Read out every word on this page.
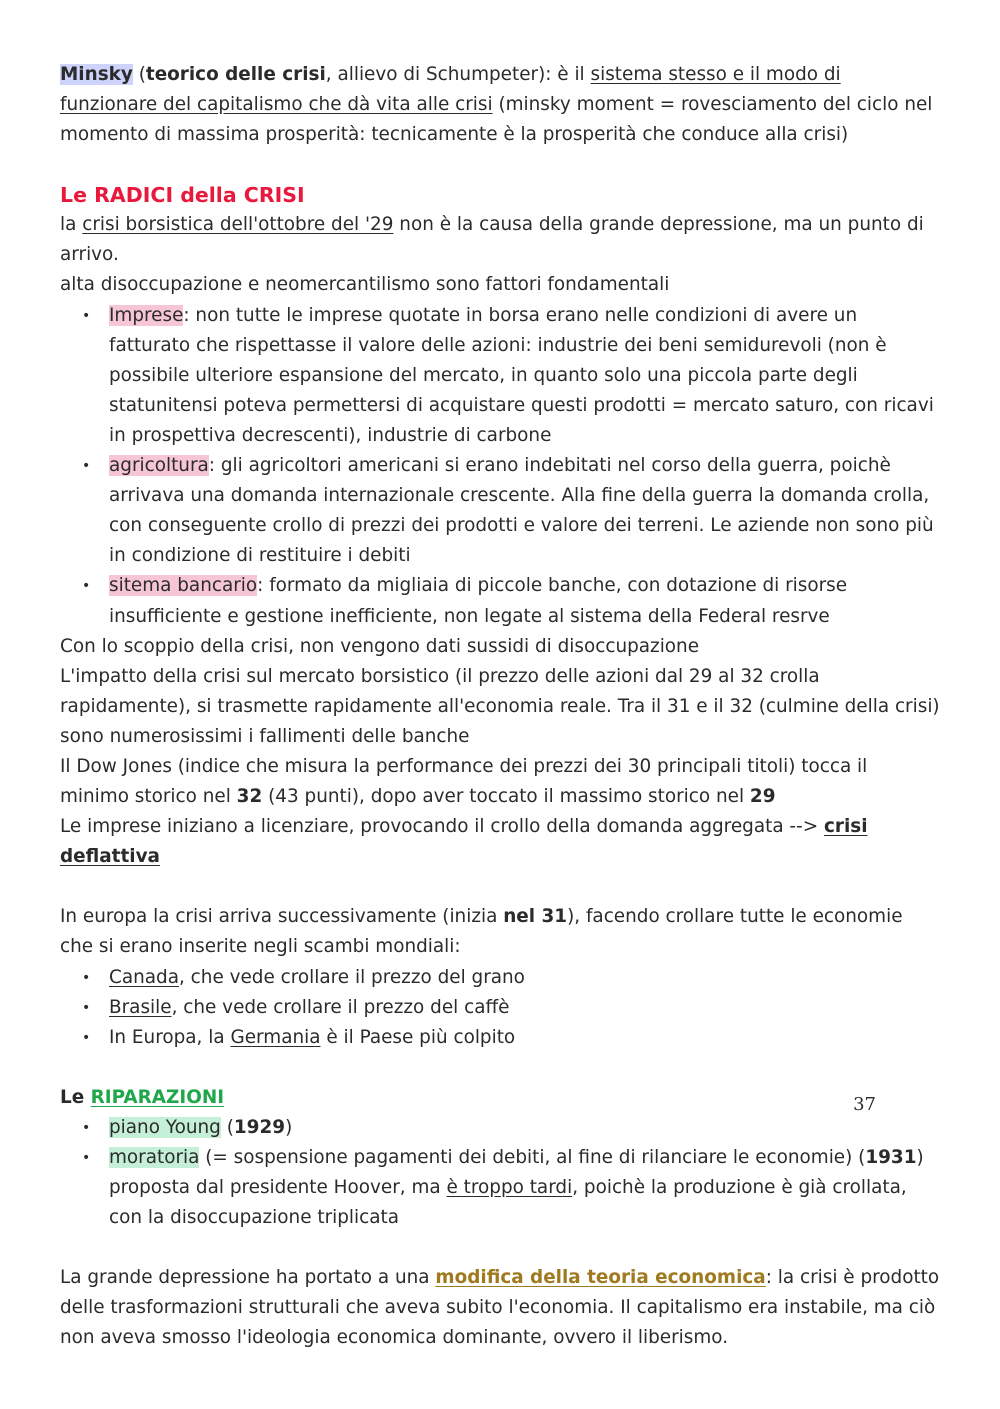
Minsky (teorico delle crisi, allievo di Schumpeter): è il sistema stesso e il modo di funzionare del capitalismo che dà vita alle crisi (minsky moment = rovesciamento del ciclo nel momento di massima prosperità: tecnicamente è la prosperità che conduce alla crisi)

Le RADICI della CRISI

la crisi borsistica dell'ottobre del '29 non è la causa della grande depressione, ma un punto di arrivo.

alta disoccupazione e neomercantilismo sono fattori fondamentali

• Imprese: non tutte le imprese quotate in borsa erano nelle condizioni di avere un fatturato che rispettasse il valore delle azioni: industrie dei beni semidurevoli (non è possibile ulteriore espansione del mercato, in quanto solo una piccola parte degli statunitensi poteva permettersi di acquistare questi prodotti = mercato saturo, con ricavi in prospettiva decrescenti), industrie di carbone
• agricoltura: gli agricoltori americani si erano indebitati nel corso della guerra, poichè arrivava una domanda internazionale crescente. Alla fine della guerra la domanda crolla, con conseguente crollo di prezzi dei prodotti e valore dei terreni. Le aziende non sono più in condizione di restituire i debiti
• sitema bancario: formato da migliaia di piccole banche, con dotazione di risorse insufficiente e gestione inefficiente, non legate al sistema della Federal resrve

Con lo scoppio della crisi, non vengono dati sussidi di disoccupazione

L'impatto della crisi sul mercato borsistico (il prezzo delle azioni dal 29 al 32 crolla rapidamente), si trasmette rapidamente all'economia reale. Tra il 31 e il 32 (culmine della crisi) sono numerosissimi i fallimenti delle banche

Il Dow Jones (indice che misura la performance dei prezzi dei 30 principali titoli) tocca il minimo storico nel 32 (43 punti), dopo aver toccato il massimo storico nel 29

Le imprese iniziano a licenziare, provocando il crollo della domanda aggregata --> crisi deflattiva

In europa la crisi arriva successivamente (inizia nel 31), facendo crollare tutte le economie che si erano inserite negli scambi mondiali:

• Canada, che vede crollare il prezzo del grano
• Brasile, che vede crollare il prezzo del caffè
• In Europa, la Germania è il Paese più colpito

Le RIPARAZIONI

• piano Young (1929)
• moratoria (= sospensione pagamenti dei debiti, al fine di rilanciare le economie) (1931) proposta dal presidente Hoover, ma è troppo tardi, poichè la produzione è già crollata, con la disoccupazione triplicata

La grande depressione ha portato a una modifica della teoria economica: la crisi è prodotto delle trasformazioni strutturali che aveva subito l'economia. Il capitalismo era instabile, ma ciò non aveva smosso l'ideologia economica dominante, ovvero il liberismo.

37
